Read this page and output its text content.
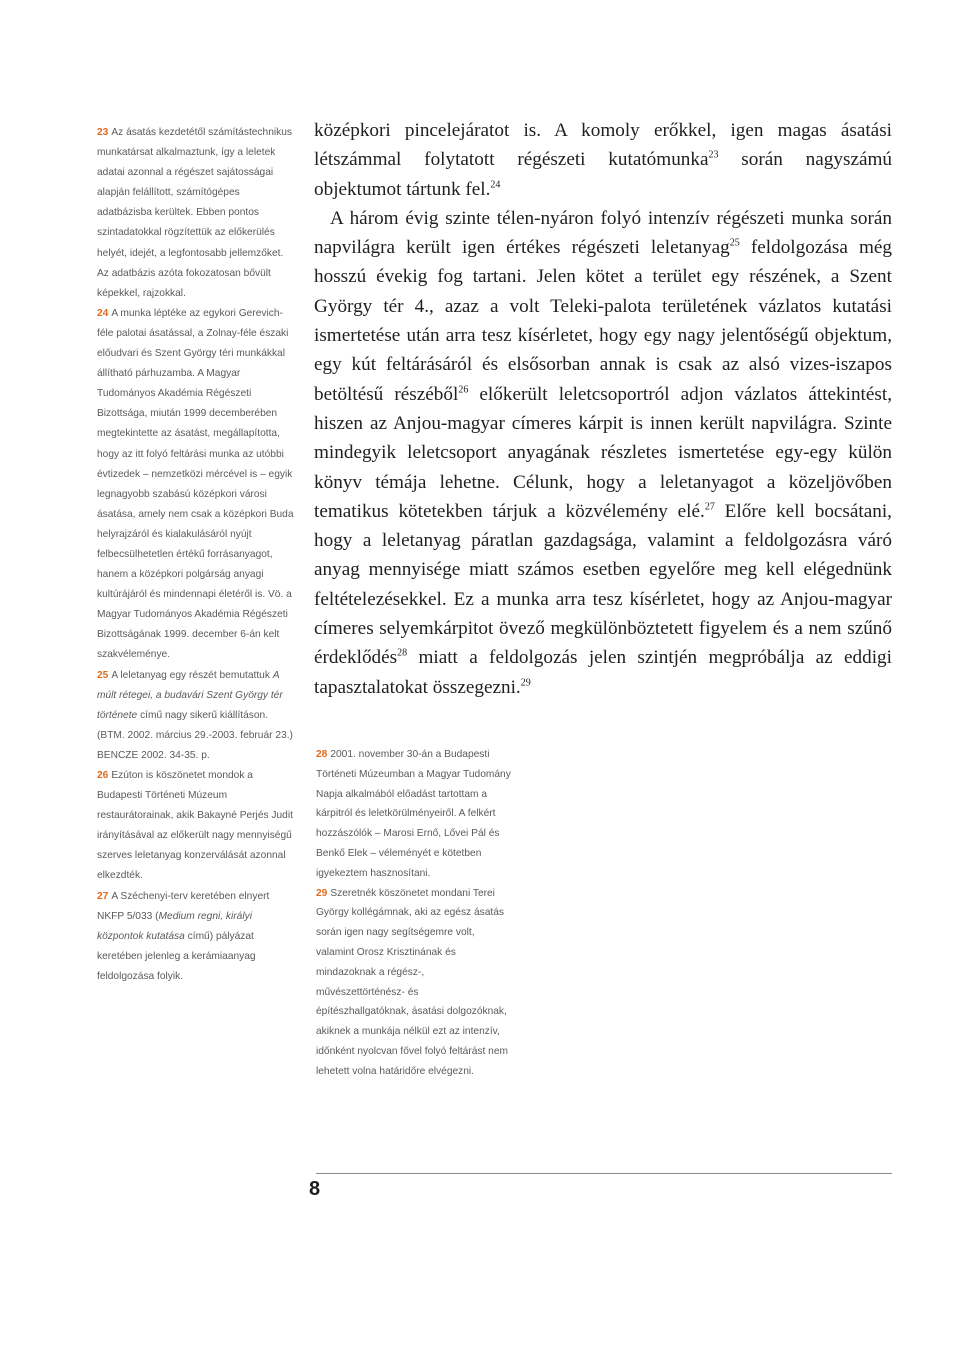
23 Az ásatás kezdetétől számítástechnikus munkatársat alkalmaztunk, így a leletek adatai azonnal a régészet sajátosságai alapján felállított, számítógépes adatbázisba kerültek. Ebben pontos szintadatokkal rögzítettük az előkerülés helyét, idejét, a legfontosabb jellemzőket. Az adatbázis azóta fokozatosan bővült képekkel, rajzokkal.

24 A munka léptéke az egykori Gerevich-féle palotai ásatással, a Zolnay-féle északi előudvari és Szent György téri munkákkal állítható párhuzamba. A Magyar Tudományos Akadémia Régészeti Bizottsága, miután 1999 decemberében megtekintette az ásatást, megállapította, hogy az itt folyó feltárási munka az utóbbi évtizedek – nemzetközi mércével is – egyik legnagyobb szabású középkori városi ásatása, amely nem csak a középkori Buda helyrajzáról és kialakulásáról nyújt felbecsülhetetlen értékű forrásanyagot, hanem a középkori polgárság anyagi kultúrájáról és mindennapi életéről is. Vö. a Magyar Tudományos Akadémia Régészeti Bizottságának 1999. december 6-án kelt szakvéleménye.

25 A leletanyag egy részét bemutattuk A múlt rétegei, a budavári Szent György tér története című nagy sikerű kiállításon. (BTM. 2002. március 29.-2003. február 23.) BENCZE 2002. 34-35. p.

26 Ezúton is köszönetet mondok a Budapesti Történeti Múzeum restaurátorainak, akik Bakayné Perjés Judit irányításával az előkerült nagy mennyiségű szerves leletanyag konzerválását azonnal elkezdték.

27 A Széchenyi-terv keretében elnyert NKFP 5/033 (Medium regni, királyi központok kutatása című) pályázat keretében jelenleg a kerámiaanyag feldolgozása folyik.

középkori pincelejáratot is. A komoly erőkkel, igen magas ásatási létszámmal folytatott régészeti kutatómunka$^{23}$ során nagyszámú objektumot tártunk fel.$^{24}$

A három évig szinte télen-nyáron folyó intenzív régészeti munka során napvilágra került igen értékes régészeti leletanyag$^{25}$ feldolgozása még hosszú évekig fog tartani. Jelen kötet a terület egy részének, a Szent György tér 4., azaz a volt Teleki-palota területének vázlatos kutatási ismertetése után arra tesz kísérletet, hogy egy nagy jelentőségű objektum, egy kút feltárásáról és elsősorban annak is csak az alsó vizes-iszapos betöltésű részéből$^{26}$ előkerült leletcsoportról adjon vázlatos áttekintést, hiszen az Anjou-magyar címeres kárpit is innen került napvilágra. Szinte mindegyik leletcsoport anyagának részletes ismertetése egy-egy külön könyv témája lehetne. Célunk, hogy a leletanyagot a közeljövőben tematikus kötetekben tárjuk a közvélemény elé.$^{27}$ Előre kell bocsátani, hogy a leletanyag páratlan gazdagsága, valamint a feldolgozásra váró anyag mennyisége miatt számos esetben egyelőre meg kell elégednünk feltételezésekkel. Ez a munka arra tesz kísérletet, hogy az Anjou-magyar címeres selyemkárpitot övező megkülönböztetett figyelem és a nem szűnő érdeklődés$^{28}$ miatt a feldolgozás jelen szintjén megpróbálja az eddigi tapasztalatokat összegezni.$^{29}$

28 2001. november 30-án a Budapesti Történeti Múzeumban a Magyar Tudomány Napja alkalmából előadást tartottam a kárpitról és leletkörülményeiről. A felkért hozzászólók – Marosi Ernő, Lővei Pál és Benkő Elek – véleményét e kötetben igyekeztem hasznosítani.

29 Szeretnék köszönetet mondani Terei György kollégámnak, aki az egész ásatás során igen nagy segítségemre volt, valamint Orosz Krisztinának és mindazoknak a régész-, művészettörténész- és építészhallgatóknak, ásatási dolgozóknak, akiknek a munkája nélkül ezt az intenzív, időnként nyolcvan fővel folyó feltárást nem lehetett volna határidőre elvégezni.

8
